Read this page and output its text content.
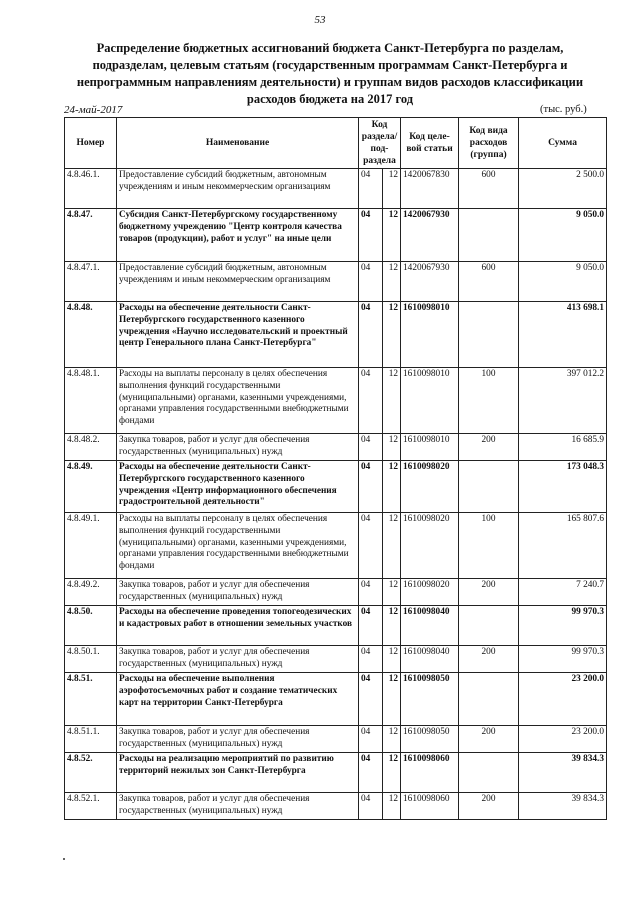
53
Распределение бюджетных ассигнований бюджета Санкт-Петербурга по разделам, подразделам, целевым статьям (государственным программам Санкт-Петербурга и непрограммным направлениям деятельности) и группам видов расходов классификации расходов бюджета на 2017 год
24-май-2017	(тыс. руб.)
Номер	Наименование	Код раздела/ под-раздела		Код целе-вой статьи	Код вида расходов (группа)	Сумма
4.8.46.1.	Предоставление субсидий бюджетным, автономным учреждениям и иным некоммерческим организациям	04	12	1420067830	600	2 500.0
4.8.47.	Субсидия Санкт-Петербургскому государственному бюджетному учреждению "Центр контроля качества товаров (продукции), работ и услуг" на иные цели	04	12	1420067930		9 050.0
4.8.47.1.	Предоставление субсидий бюджетным, автономным учреждениям и иным некоммерческим организациям	04	12	1420067930	600	9 050.0
4.8.48.	Расходы на обеспечение деятельности Санкт-Петербургского государственного казенного учреждения «Научно исследовательский и проектный центр Генерального плана Санкт-Петербурга"	04	12	1610098010		413 698.1
4.8.48.1.	Расходы на выплаты персоналу в целях обеспечения выполнения функций государственными (муниципальными) органами, казенными учреждениями, органами управления государственными внебюджетными фондами	04	12	1610098010	100	397 012.2
4.8.48.2.	Закупка товаров, работ и услуг для обеспечения государственных (муниципальных) нужд	04	12	1610098010	200	16 685.9
4.8.49.	Расходы на обеспечение деятельности Санкт-Петербургского государственного казенного учреждения «Центр информационного обеспечения градостроительной деятельности"	04	12	1610098020		173 048.3
4.8.49.1.	Расходы на выплаты персоналу в целях обеспечения выполнения функций государственными (муниципальными) органами, казенными учреждениями, органами управления государственными внебюджетными фондами	04	12	1610098020	100	165 807.6
4.8.49.2.	Закупка товаров, работ и услуг для обеспечения государственных (муниципальных) нужд	04	12	1610098020	200	7 240.7
4.8.50.	Расходы на обеспечение проведения топогеодезических и кадастровых работ в отношении земельных участков	04	12	1610098040		99 970.3
4.8.50.1.	Закупка товаров, работ и услуг для обеспечения государственных (муниципальных) нужд	04	12	1610098040	200	99 970.3
4.8.51.	Расходы на обеспечение выполнения аэрофотосъемочных работ и создание тематических карт на территории Санкт-Петербурга	04	12	1610098050		23 200.0
4.8.51.1.	Закупка товаров, работ и услуг для обеспечения государственных (муниципальных) нужд	04	12	1610098050	200	23 200.0
4.8.52.	Расходы на реализацию мероприятий по развитию территорий нежилых зон Санкт-Петербурга	04	12	1610098060		39 834.3
4.8.52.1.	Закупка товаров, работ и услуг для обеспечения государственных (муниципальных) нужд	04	12	1610098060	200	39 834.3
